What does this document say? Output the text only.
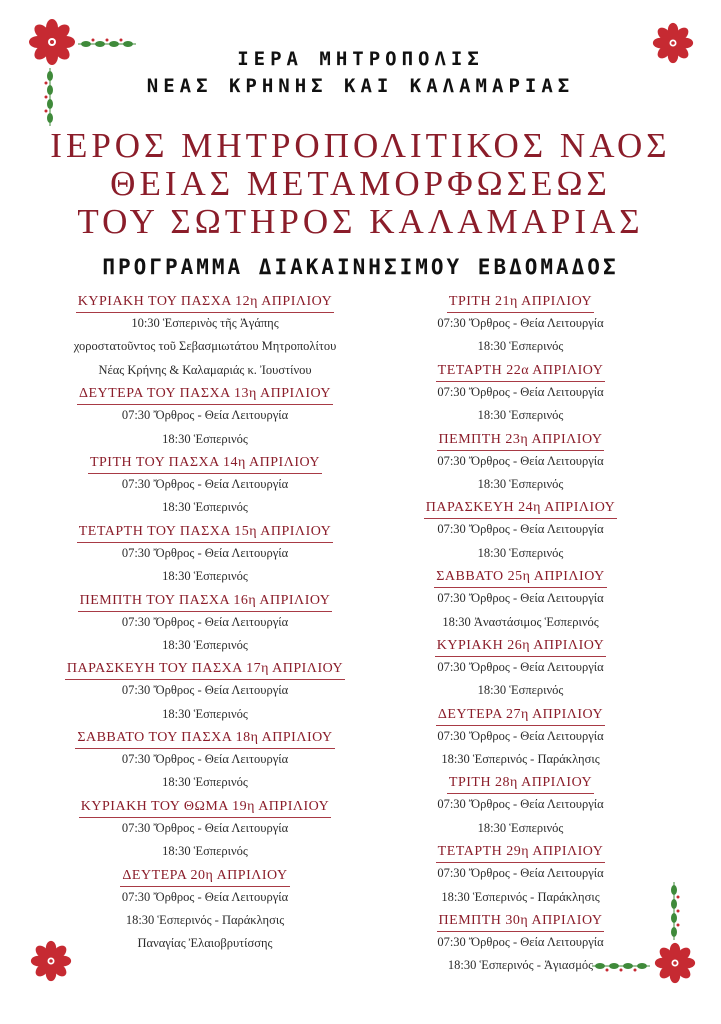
ΙΕΡΑ ΜΗΤΡΟΠΟΛΙΣ
ΝΕΑΣ ΚΡΗΝΗΣ ΚΑΙ ΚΑΛΑΜΑΡΙΑΣ
ΙΕΡΟΣ ΜΗΤΡΟΠΟΛΙΤΙΚΟΣ ΝΑΟΣ
ΘΕΙΑΣ ΜΕΤΑΜΟΡΦΩΣΕΩΣ
ΤΟΥ ΣΩΤΗΡΟΣ ΚΑΛΑΜΑΡΙΑΣ
ΠΡΟΓΡΑΜΜΑ ΔΙΑΚΑΙΝΗΣΙΜΟΥ ΕΒΔΟΜΑΔΟΣ
ΚΥΡΙΑΚΗ ΤΟΥ ΠΑΣΧΑ 12η ΑΠΡΙΛΙΟΥ
10:30 Ἑσπερινὸς τῆς Ἀγάπης
χοροστατοῦντος τοῦ Σεβασμιωτάτου Μητροπολίτου
Νέας Κρήνης & Καλαμαριάς κ. Ἰουστίνου
ΔΕΥΤΕΡΑ ΤΟΥ ΠΑΣΧΑ 13η ΑΠΡΙΛΙΟΥ
07:30 Ὄρθρος - Θεία Λειτουργία
18:30 Ἑσπερινός
ΤΡΙΤΗ ΤΟΥ ΠΑΣΧΑ 14η ΑΠΡΙΛΙΟΥ
07:30 Ὄρθρος - Θεία Λειτουργία
18:30 Ἑσπερινός
ΤΕΤΑΡΤΗ ΤΟΥ ΠΑΣΧΑ 15η ΑΠΡΙΛΙΟΥ
07:30 Ὄρθρος - Θεία Λειτουργία
18:30 Ἑσπερινός
ΠΕΜΠΤΗ ΤΟΥ ΠΑΣΧΑ 16η ΑΠΡΙΛΙΟΥ
07:30 Ὄρθρος - Θεία Λειτουργία
18:30 Ἑσπερινός
ΠΑΡΑΣΚΕΥΗ ΤΟΥ ΠΑΣΧΑ 17η ΑΠΡΙΛΙΟΥ
07:30 Ὄρθρος - Θεία Λειτουργία
18:30 Ἑσπερινός
ΣΑΒΒΑΤΟ ΤΟΥ ΠΑΣΧΑ 18η ΑΠΡΙΛΙΟΥ
07:30 Ὄρθρος - Θεία Λειτουργία
18:30 Ἑσπερινός
ΚΥΡΙΑΚΗ ΤΟΥ ΘΩΜΑ 19η ΑΠΡΙΛΙΟΥ
07:30 Ὄρθρος - Θεία Λειτουργία
18:30 Ἑσπερινός
ΔΕΥΤΕΡΑ 20η ΑΠΡΙΛΙΟΥ
07:30 Ὄρθρος - Θεία Λειτουργία
18:30 Ἑσπερινός - Παράκλησις
Παναγίας Ἐλαιοβρυτίσσης
ΤΡΙΤΗ 21η ΑΠΡΙΛΙΟΥ
07:30 Ὄρθρος - Θεία Λειτουργία
18:30 Ἑσπερινός
ΤΕΤΑΡΤΗ 22α ΑΠΡΙΛΙΟΥ
07:30 Ὄρθρος - Θεία Λειτουργία
18:30 Ἑσπερινός
ΠΕΜΠΤΗ 23η ΑΠΡΙΛΙΟΥ
07:30 Ὄρθρος - Θεία Λειτουργία
18:30 Ἑσπερινός
ΠΑΡΑΣΚΕΥΗ 24η ΑΠΡΙΛΙΟΥ
07:30 Ὄρθρος - Θεία Λειτουργία
18:30 Ἑσπερινός
ΣΑΒΒΑΤΟ 25η ΑΠΡΙΛΙΟΥ
07:30 Ὄρθρος - Θεία Λειτουργία
18:30 Ἀναστάσιμος Ἑσπερινός
ΚΥΡΙΑΚΗ 26η ΑΠΡΙΛΙΟΥ
07:30 Ὄρθρος - Θεία Λειτουργία
18:30 Ἑσπερινός
ΔΕΥΤΕΡΑ 27η ΑΠΡΙΛΙΟΥ
07:30 Ὄρθρος - Θεία Λειτουργία
18:30 Ἑσπερινός - Παράκλησις
ΤΡΙΤΗ 28η ΑΠΡΙΛΙΟΥ
07:30 Ὄρθρος - Θεία Λειτουργία
18:30 Ἑσπερινός
ΤΕΤΑΡΤΗ 29η ΑΠΡΙΛΙΟΥ
07:30 Ὄρθρος - Θεία Λειτουργία
18:30 Ἑσπερινός - Παράκλησις
ΠΕΜΠΤΗ 30η ΑΠΡΙΛΙΟΥ
07:30 Ὄρθρος - Θεία Λειτουργία
18:30 Ἑσπερινός - Ἁγιασμός
